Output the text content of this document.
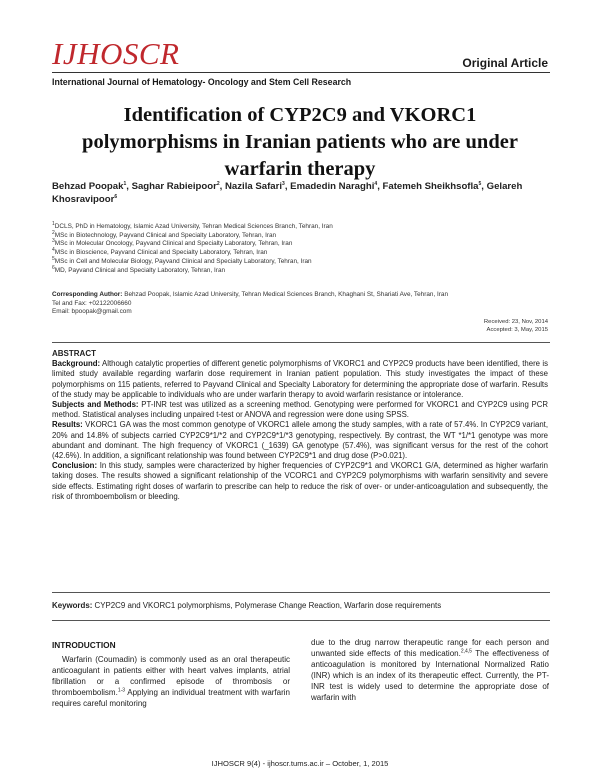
IJHOSCR	Original Article
International Journal of Hematology- Oncology and Stem Cell Research
Identification of CYP2C9 and VKORC1 polymorphisms in Iranian patients who are under warfarin therapy
Behzad Poopak$^1$, Saghar Rabieipoor$^2$, Nazila Safari$^3$, Emadedin Naraghi$^4$, Fatemeh Sheikhsofla$^5$, Gelareh Khosravipoor$^6$
$^1$DCLS, PhD in Hematology, Islamic Azad University, Tehran Medical Sciences Branch, Tehran, Iran
$^2$MSc in Biotechnology, Payvand Clinical and Specialty Laboratory, Tehran, Iran
$^3$MSc in Molecular Oncology, Payvand Clinical and Specialty Laboratory, Tehran, Iran
$^4$MSc in Bioscience, Payvand Clinical and Specialty Laboratory, Tehran, Iran
$^5$MSc in Cell and Molecular Biology, Payvand Clinical and Specialty Laboratory, Tehran, Iran
$^6$MD, Payvand Clinical and Specialty Laboratory, Tehran, Iran
Corresponding Author: Behzad Poopak, Islamic Azad University, Tehran Medical Sciences Branch, Khaghani St, Shariati Ave, Tehran, Iran
Tel and Fax: +02122006660
Email: bpoopak@gmail.com
Received: 23, Nov, 2014
Accepted: 3, May, 2015
ABSTRACT

Background: Although catalytic properties of different genetic polymorphisms of VKORC1 and CYP2C9 products have been identified, there is limited study available regarding warfarin dose requirement in Iranian patient population. This study investigates the impact of these polymorphisms on 115 patients, referred to Payvand Clinical and Specialty Laboratory for determining the appropriate dose of warfarin. Results of the study may be applicable to individuals who are under warfarin therapy to avoid warfarin resistance or intolerance.

Subjects and Methods: PT-INR test was utilized as a screening method. Genotyping were performed for VKORC1 and CYP2C9 using PCR method. Statistical analyses including unpaired t-test or ANOVA and regression were done using SPSS.

Results: VKORC1 GA was the most common genotype of VKORC1 allele among the study samples, with a rate of 57.4%. In CYP2C9 variant, 20% and 14.8% of subjects carried CYP2C9*1/*2 and CYP2C9*1/*3 genotyping, respectively. By contrast, the WT *1/*1 genotype was more abundant and dominant. The high frequency of VKORC1 (_1639) GA genotype (57.4%), was significant versus for the rest of the cohort (42.6%). In addition, a significant relationship was found between CYP2C9*1 and drug dose (P>0.021).

Conclusion: In this study, samples were characterized by higher frequencies of CYP2C9*1 and VKORC1 G/A, determined as higher warfarin taking doses. The results showed a significant relationship of the VCORC1 and CYP2C9 polymorphisms with warfarin sensitivity and severe side effects. Estimating right doses of warfarin to prescribe can help to reduce the risk of over- or under-anticoagulation and subsequently, the risk of thromboembolism or bleeding.

Keywords: CYP2C9 and VKORC1 polymorphisms, Polymerase Change Reaction, Warfarin dose requirements
INTRODUCTION

Warfarin (Coumadin) is commonly used as an oral therapeutic anticoagulant in patients either with heart valves implants, atrial fibrillation or a confirmed episode of thrombosis or thromboembolism.$^{1-3}$ Applying an individual treatment with warfarin requires careful monitoring

due to the drug narrow therapeutic range for each person and unwanted side effects of this medication.$^{2,4,5}$ The effectiveness of anticoagulation is monitored by International Normalized Ratio (INR) which is an index of its therapeutic effect. Currently, the PT-INR test is widely used to determine the appropriate dose of warfarin with

IJHOSCR 9(4) - ijhoscr.tums.ac.ir – October, 1, 2015
